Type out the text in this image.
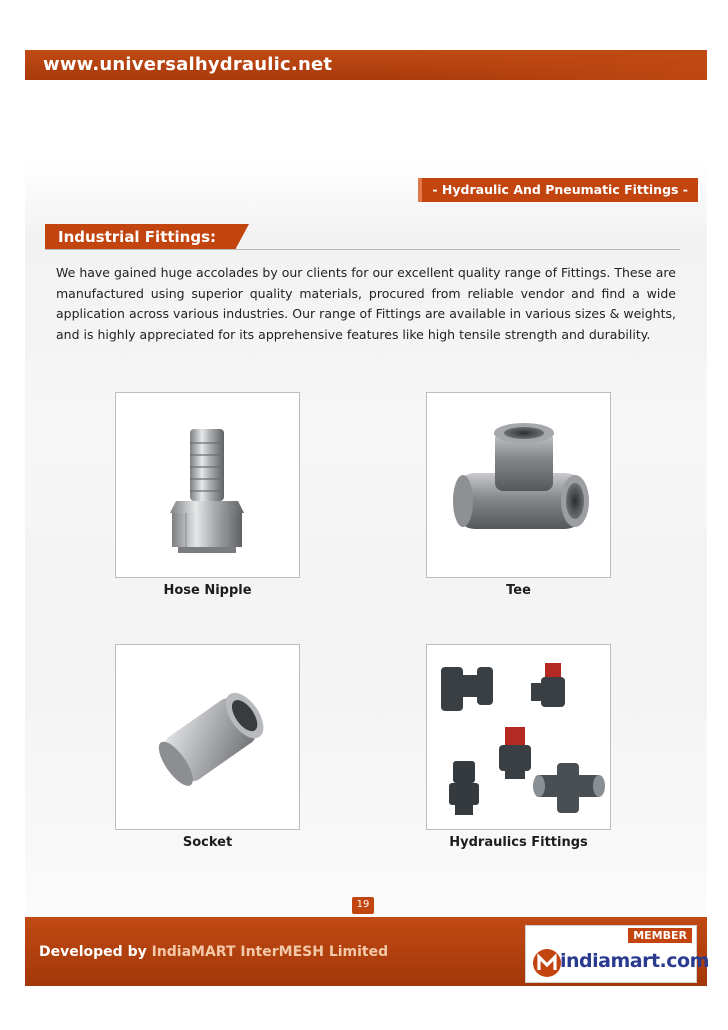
www.universalhydraulic.net
- Hydraulic And Pneumatic Fittings -
Industrial Fittings:

We have gained huge accolades by our clients for our excellent quality range of Fittings. These are manufactured using superior quality materials, procured from reliable vendor and find a wide application across various industries. Our range of Fittings are available in various sizes & weights, and is highly appreciated for its apprehensive features like high tensile strength and durability.

Hose Nipple	Tee
Socket	Hydraulics Fittings
19
Developed by IndiaMART InterMESH Limited
MEMBER
indiamart.com
